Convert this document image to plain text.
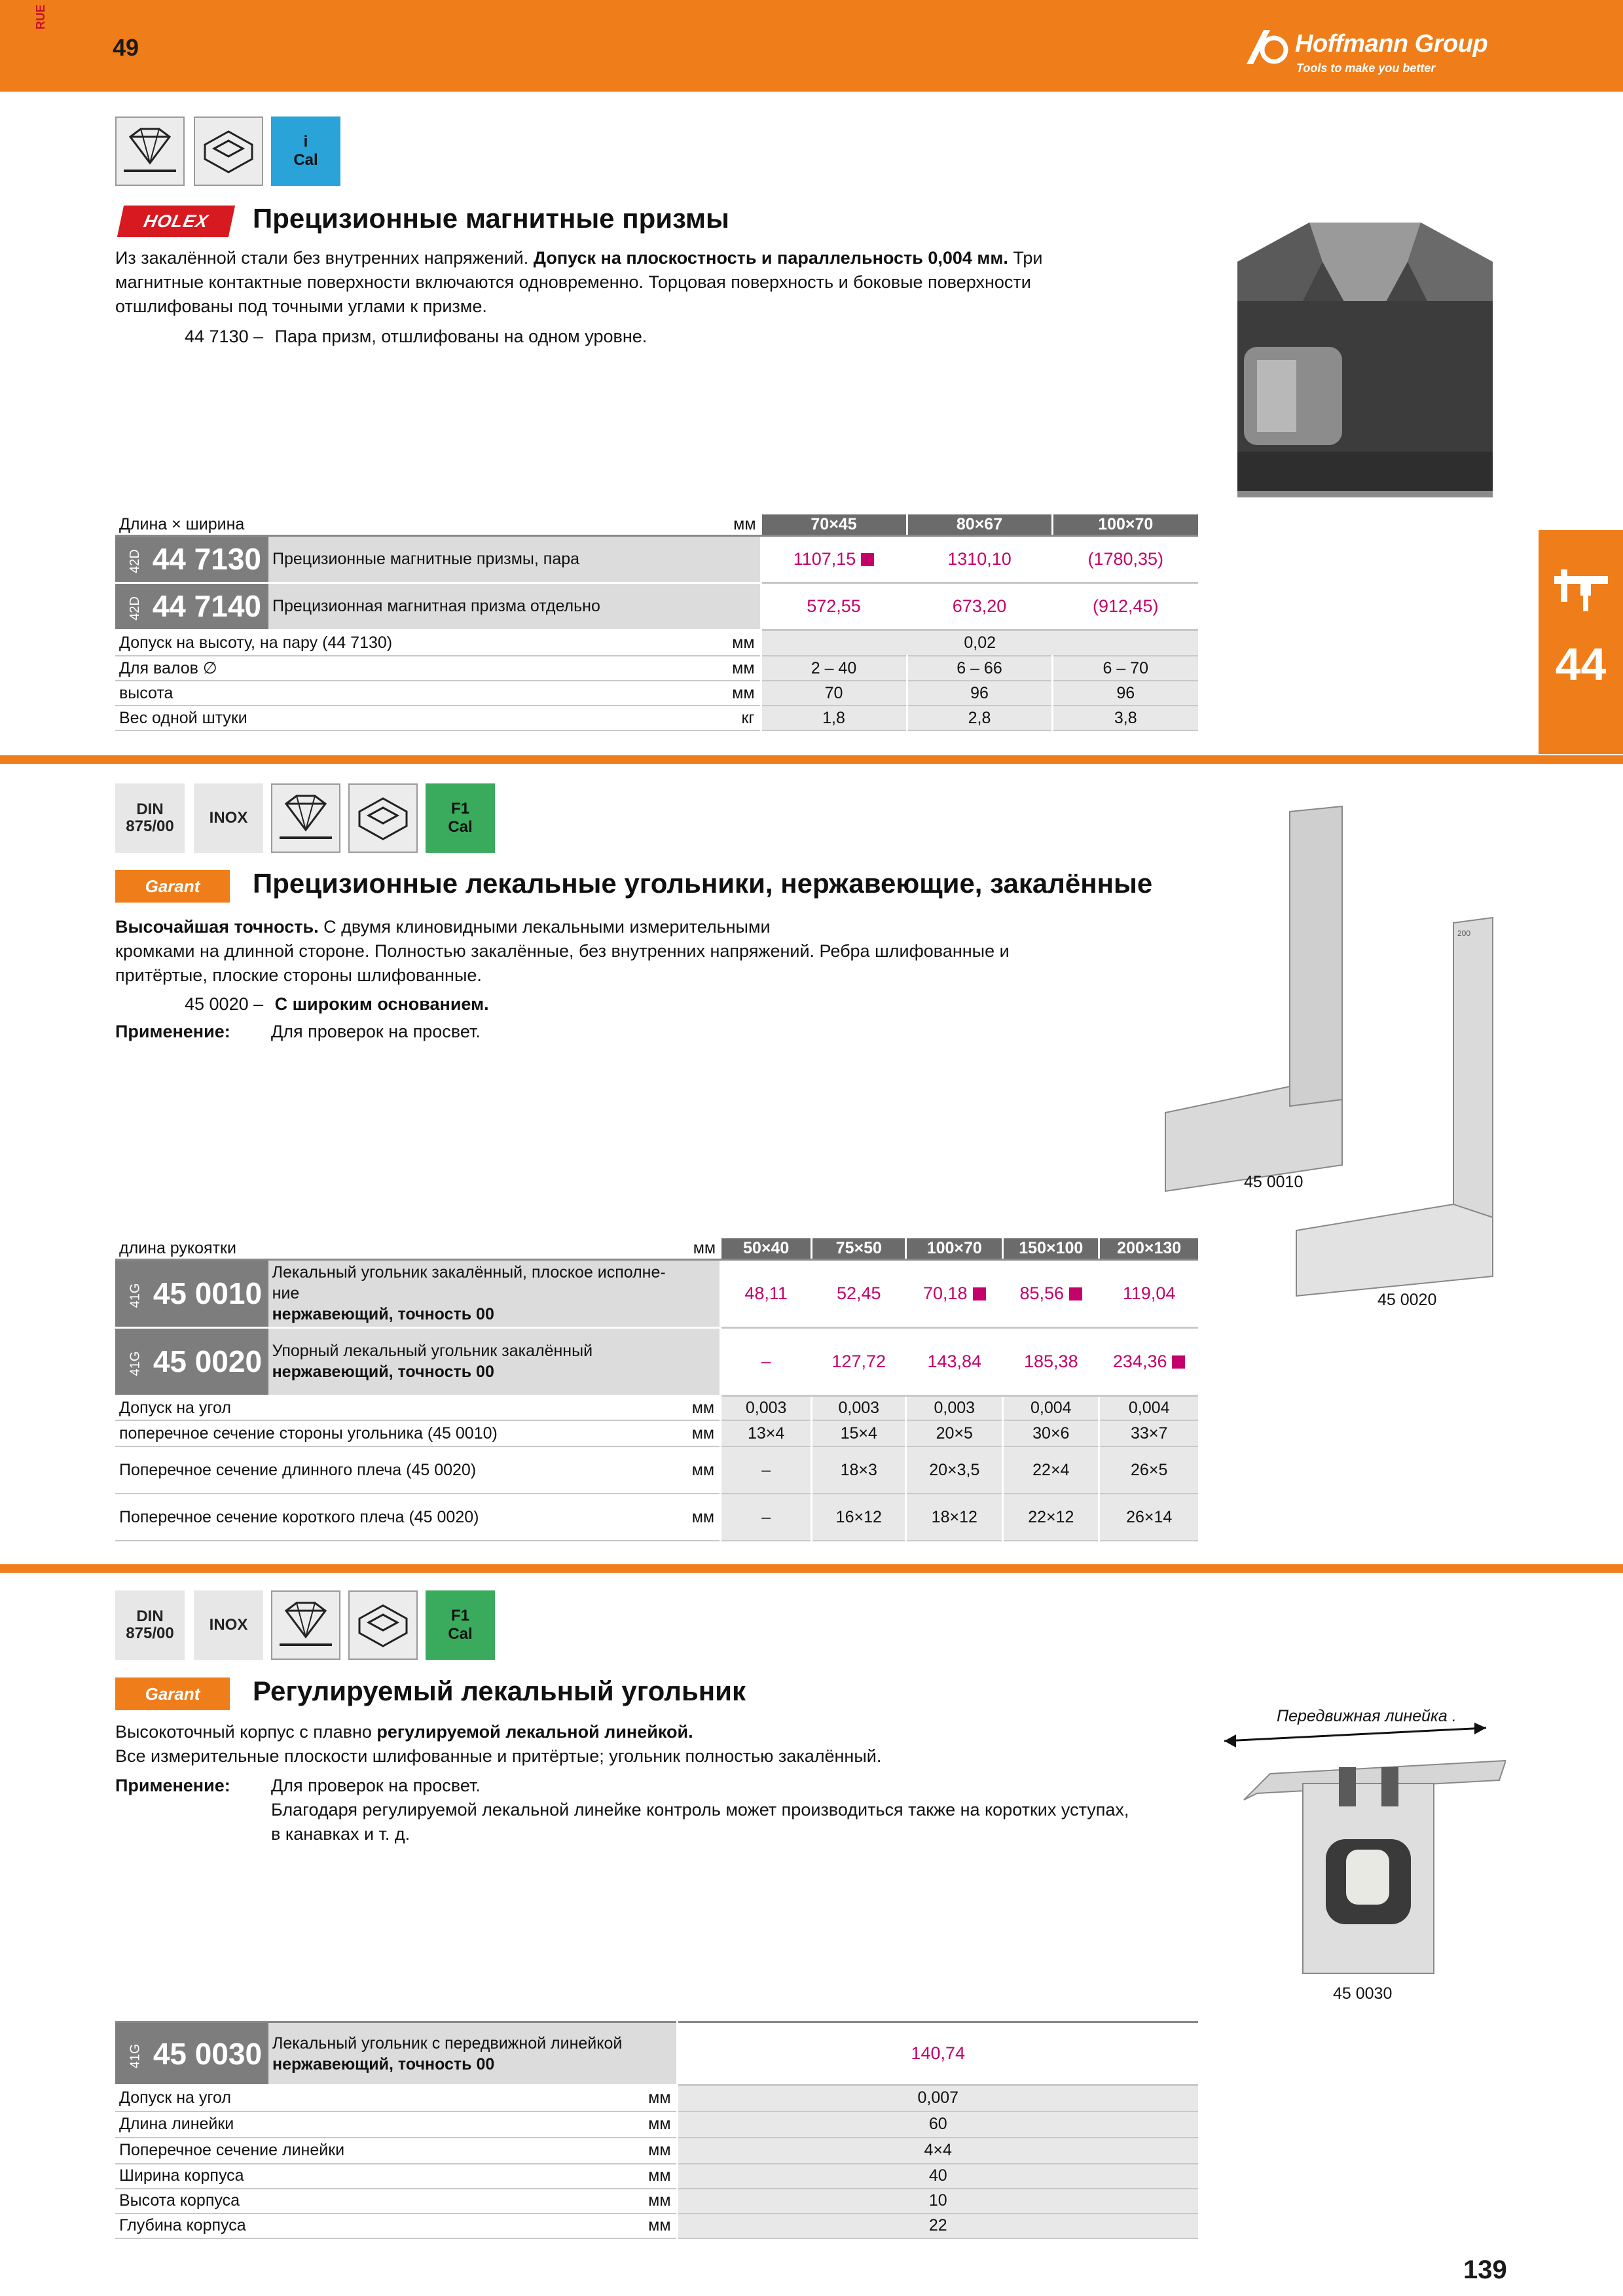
RUE
49	Hoffmann Group
Tools to make you better
44
i
Cal
HOLEX Прецизионные магнитные призмы
Из закалённой стали без внутренних напряжений. Допуск на плоскостность и параллельность 0,004 мм. Три магнитные контактные поверхности включаются одновременно. Торцовая поверхность и боковые поверхности отшлифованы под точными углами к призме.
44 7130 – Пара призм, отшлифованы на одном уровне.
Длина × ширина		мм	70×45	80×67	100×70
42D 44 7130	Прецизионные магнитные призмы, пара		1107,15	1310,10	(1780,35)
42D 44 7140	Прецизионная магнитная призма отдельно		572,55	673,20	(912,45)
Допуск на высоту, на пару (44 7130)		мм	0,02		
Для валов ∅		мм	2 – 40	6 – 66	6 – 70
высота		мм	70	96	96
Вес одной штуки		кг	1,8	2,8	3,8
DIN
875/00 INOX	F1
Cal
Garant Прецизионные лекальные угольники, нержавеющие, закалённые
Высочайшая точность. С двумя клиновидными лекальными измерительными
кромками на длинной стороне. Полностью закалённые, без внутренних напряжений. Ребра шлифованные и
притёртые, плоские стороны шлифованные.
45 0020 – С широким основанием.
Применение: Для проверок на просвет.
200
45 0010
45 0020
длина рукоятки		мм	50×40	75×50	100×70	150×100	200×130
41G 45 0010	Лекальный угольник закалённый, плоское исполне-
ние
нержавеющий, точность 00		48,11	52,45	70,18	85,56	119,04
41G 45 0020	Упорный лекальный угольник закалённый
нержавеющий, точность 00		–	127,72	143,84	185,38	234,36
Допуск на угол		мм	0,003	0,003	0,003	0,004	0,004
поперечное сечение стороны угольника (45 0010)		мм	13×4	15×4	20×5	30×6	33×7
Поперечное сечение длинного плеча (45 0020)		мм	–	18×3	20×3,5	22×4	26×5
Поперечное сечение короткого плеча (45 0020)		мм	–	16×12	18×12	22×12	26×14
DIN
875/00 INOX	F1
Cal
Garant Регулируемый лекальный угольник
Высокоточный корпус с плавно регулируемой лекальной линейкой.
Все измерительные плоскости шлифованные и притёртые; угольник полностью закалённый.
Применение:	Для проверок на просвет.
Благодаря регулируемой лекальной линейке контроль может производиться также на коротких уступах,
в канавках и т. д.
Передвижная линейка .
45 0030
41G 45 0030	Лекальный угольник с передвижной линейкой
нержавеющий, точность 00		140,74
Допуск на угол		мм	0,007
Длина линейки		мм	60
Поперечное сечение линейки		мм	4×4
Ширина корпуса		мм	40
Высота корпуса		мм	10
Глубина корпуса		мм	22
139
